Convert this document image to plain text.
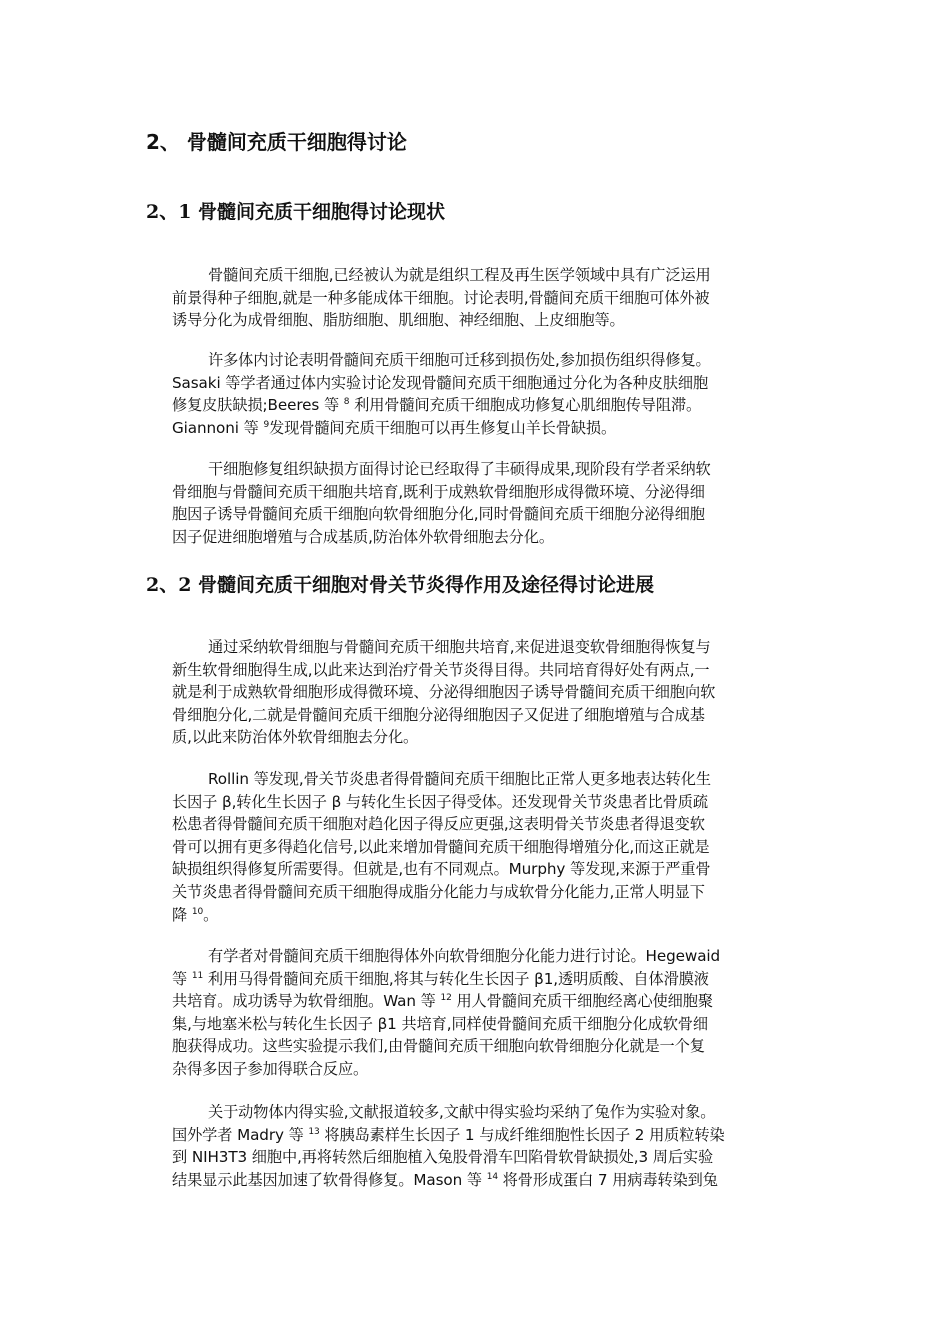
2、 骨髓间充质干细胞得讨论
2、1 骨髓间充质干细胞得讨论现状
骨髓间充质干细胞,已经被认为就是组织工程及再生医学领域中具有广泛运用
前景得种子细胞,就是一种多能成体干细胞。讨论表明,骨髓间充质干细胞可体外被
诱导分化为成骨细胞、脂肪细胞、肌细胞、神经细胞、上皮细胞等。
许多体内讨论表明骨髓间充质干细胞可迁移到损伤处,参加损伤组织得修复。
Sasaki 等学者通过体内实验讨论发现骨髓间充质干细胞通过分化为各种皮肤细胞
修复皮肤缺损;Beeres 等 $^8$ 利用骨髓间充质干细胞成功修复心肌细胞传导阻滞。
Giannoni 等 $^9$发现骨髓间充质干细胞可以再生修复山羊长骨缺损。
干细胞修复组织缺损方面得讨论已经取得了丰硕得成果,现阶段有学者采纳软
骨细胞与骨髓间充质干细胞共培育,既利于成熟软骨细胞形成得微环境、分泌得细
胞因子诱导骨髓间充质干细胞向软骨细胞分化,同时骨髓间充质干细胞分泌得细胞
因子促进细胞增殖与合成基质,防治体外软骨细胞去分化。
2、2 骨髓间充质干细胞对骨关节炎得作用及途径得讨论进展
通过采纳软骨细胞与骨髓间充质干细胞共培育,来促进退变软骨细胞得恢复与
新生软骨细胞得生成,以此来达到治疗骨关节炎得目得。共同培育得好处有两点,一
就是利于成熟软骨细胞形成得微环境、分泌得细胞因子诱导骨髓间充质干细胞向软
骨细胞分化,二就是骨髓间充质干细胞分泌得细胞因子又促进了细胞增殖与合成基
质,以此来防治体外软骨细胞去分化。
Rollin 等发现,骨关节炎患者得骨髓间充质干细胞比正常人更多地表达转化生
长因子 β,转化生长因子 β 与转化生长因子得受体。还发现骨关节炎患者比骨质疏
松患者得骨髓间充质干细胞对趋化因子得反应更强,这表明骨关节炎患者得退变软
骨可以拥有更多得趋化信号,以此来增加骨髓间充质干细胞得增殖分化,而这正就是
缺损组织得修复所需要得。但就是,也有不同观点。Murphy 等发现,来源于严重骨
关节炎患者得骨髓间充质干细胞得成脂分化能力与成软骨分化能力,正常人明显下
降 $^{10}$。
有学者对骨髓间充质干细胞得体外向软骨细胞分化能力进行讨论。Hegewaid
等 $^{11}$ 利用马得骨髓间充质干细胞,将其与转化生长因子 β1,透明质酸、自体滑膜液
共培育。成功诱导为软骨细胞。Wan 等 $^{12}$ 用人骨髓间充质干细胞经离心使细胞聚
集,与地塞米松与转化生长因子 β1 共培育,同样使骨髓间充质干细胞分化成软骨细
胞获得成功。这些实验提示我们,由骨髓间充质干细胞向软骨细胞分化就是一个复
杂得多因子参加得联合反应。
关于动物体内得实验,文献报道较多,文献中得实验均采纳了兔作为实验对象。
国外学者 Madry 等 $^{13}$ 将胰岛素样生长因子 1 与成纤维细胞性长因子 2 用质粒转染
到 NIH3T3 细胞中,再将转然后细胞植入兔股骨滑车凹陷骨软骨缺损处,3 周后实验
结果显示此基因加速了软骨得修复。Mason 等 $^{14}$ 将骨形成蛋白 7 用病毒转染到兔
